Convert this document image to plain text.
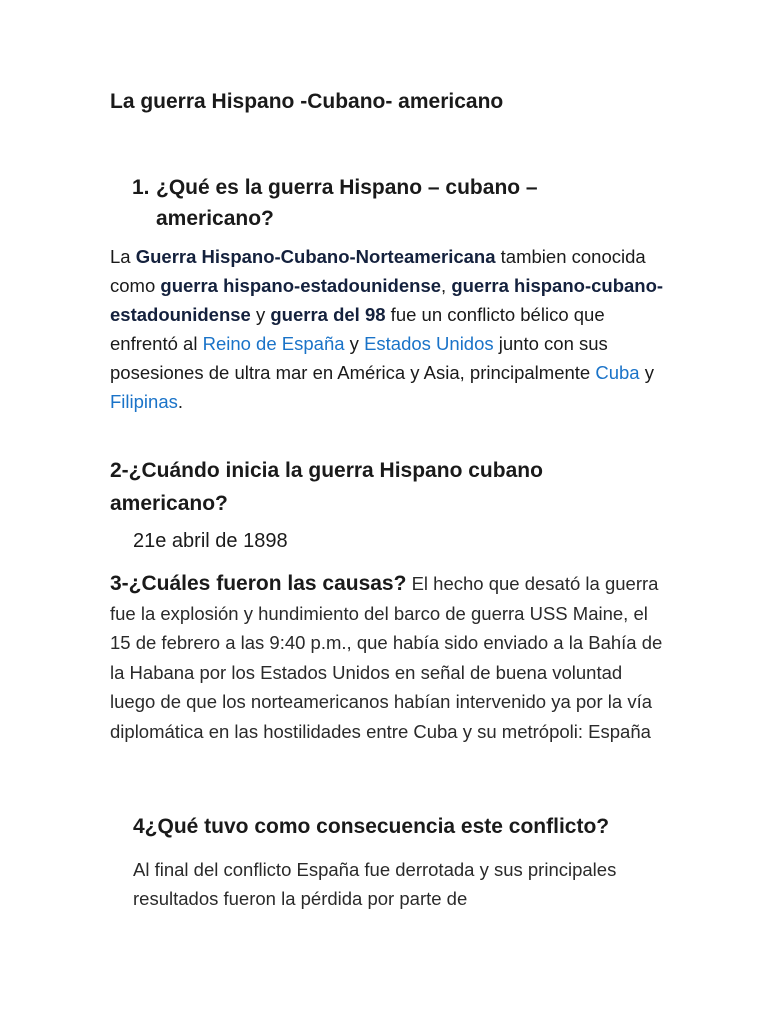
La guerra Hispano -Cubano- americano
1. ¿Qué es la guerra Hispano – cubano – americano?

La Guerra Hispano-Cubano-Norteamericana tambien conocida como guerra hispano-estadounidense, guerra hispano-cubano-estadounidense y guerra del 98 fue un conflicto bélico que enfrentó al Reino de España y Estados Unidos junto con sus posesiones de ultra mar en América y Asia, principalmente Cuba y Filipinas.

2-¿Cuándo inicia la guerra Hispano cubano americano?

21e abril de 1898

3-¿Cuáles fueron las causas? El hecho que desató la guerra fue la explosión y hundimiento del barco de guerra USS Maine, el 15 de febrero a las 9:40 p.m., que había sido enviado a la Bahía de la Habana por los Estados Unidos en señal de buena voluntad luego de que los norteamericanos habían intervenido ya por la vía diplomática en las hostilidades entre Cuba y su metrópoli: España

4¿Qué tuvo como consecuencia este conflicto?

Al final del conflicto España fue derrotada y sus principales resultados fueron la pérdida por parte de
